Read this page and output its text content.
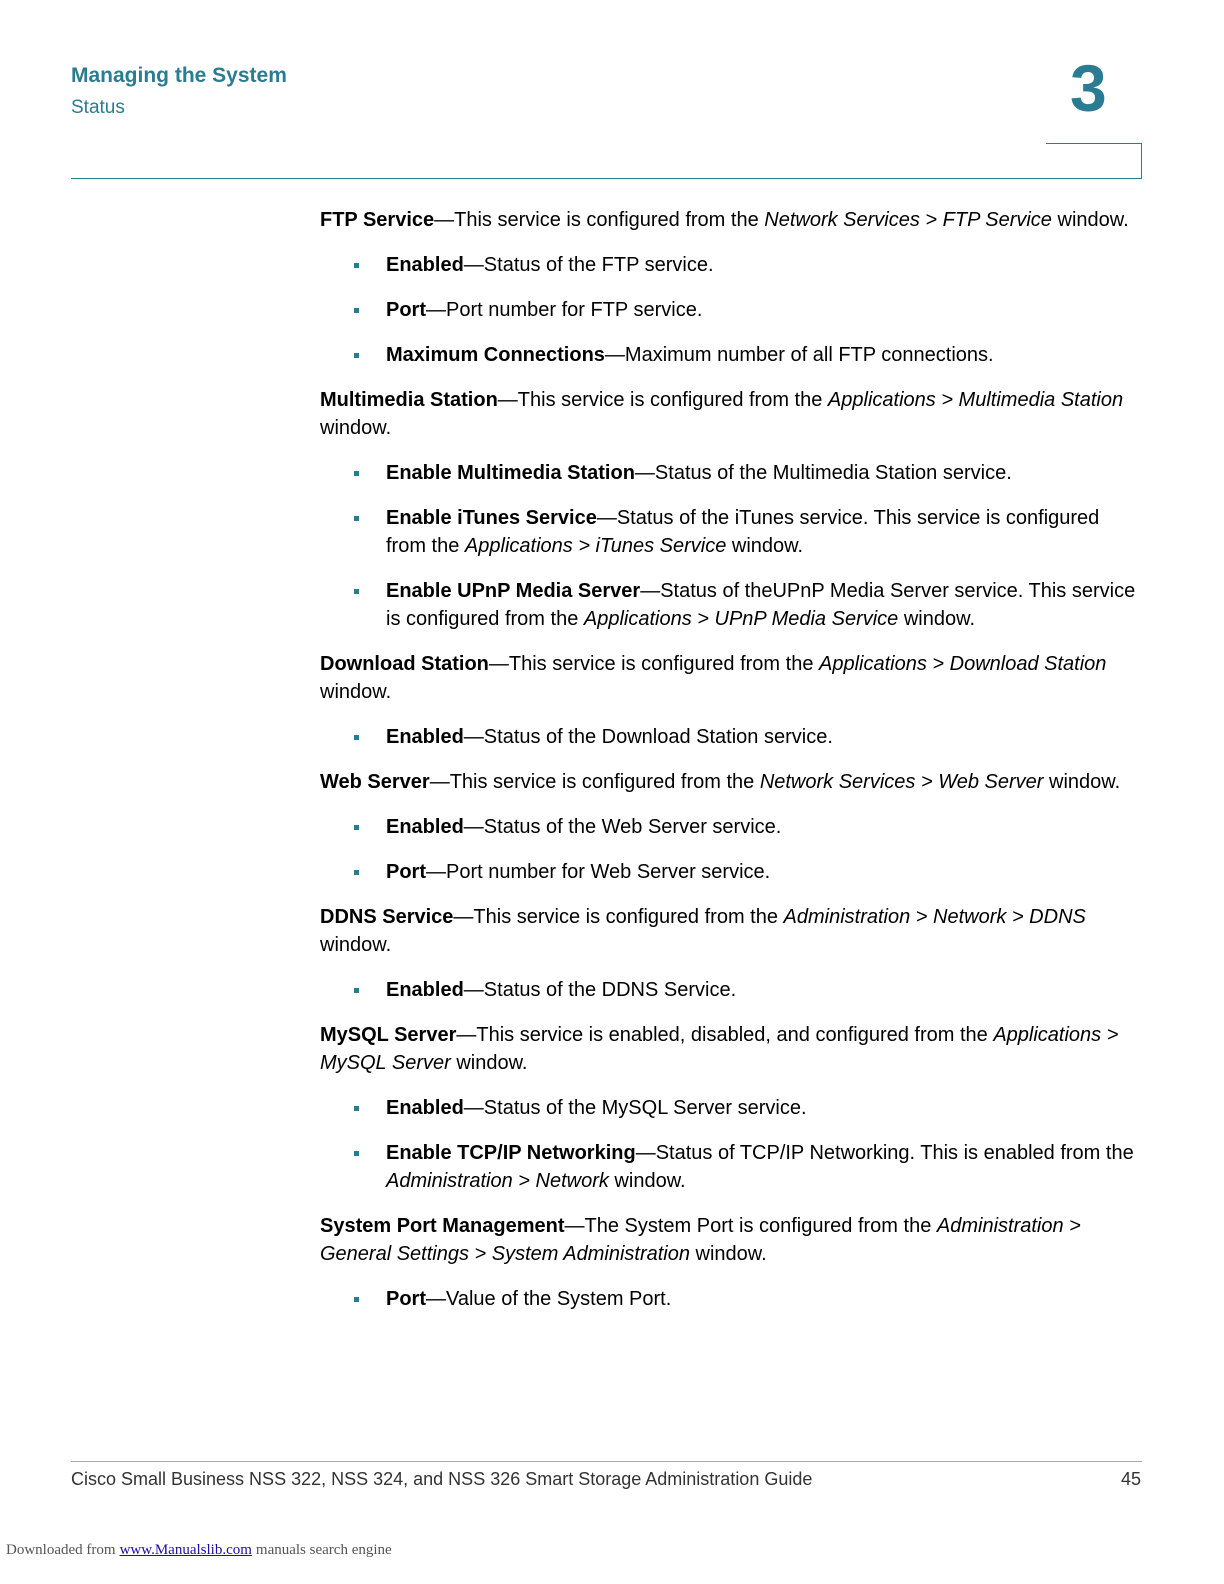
Managing the System
Status	3

FTP Service—This service is configured from the Network Services > FTP Service window.

Enabled—Status of the FTP service.
Port—Port number for FTP service.
Maximum Connections—Maximum number of all FTP connections.

Multimedia Station—This service is configured from the Applications > Multimedia Station window.

Enable Multimedia Station—Status of the Multimedia Station service.
Enable iTunes Service—Status of the iTunes service. This service is configured from the Applications > iTunes Service window.
Enable UPnP Media Server—Status of theUPnP Media Server service. This service is configured from the Applications > UPnP Media Service window.

Download Station—This service is configured from the Applications > Download Station window.

Enabled—Status of the Download Station service.

Web Server—This service is configured from the Network Services > Web Server window.

Enabled—Status of the Web Server service.
Port—Port number for Web Server service.

DDNS Service—This service is configured from the Administration > Network > DDNS window.

Enabled—Status of the DDNS Service.

MySQL Server—This service is enabled, disabled, and configured from the Applications > MySQL Server window.

Enabled—Status of the MySQL Server service.
Enable TCP/IP Networking—Status of TCP/IP Networking. This is enabled from the Administration > Network window.

System Port Management—The System Port is configured from the Administration > General Settings > System Administration window.

Port—Value of the System Port.
Cisco Small Business NSS 322, NSS 324, and NSS 326 Smart Storage Administration Guide	45
Downloaded from www.Manualslib.com manuals search engine
